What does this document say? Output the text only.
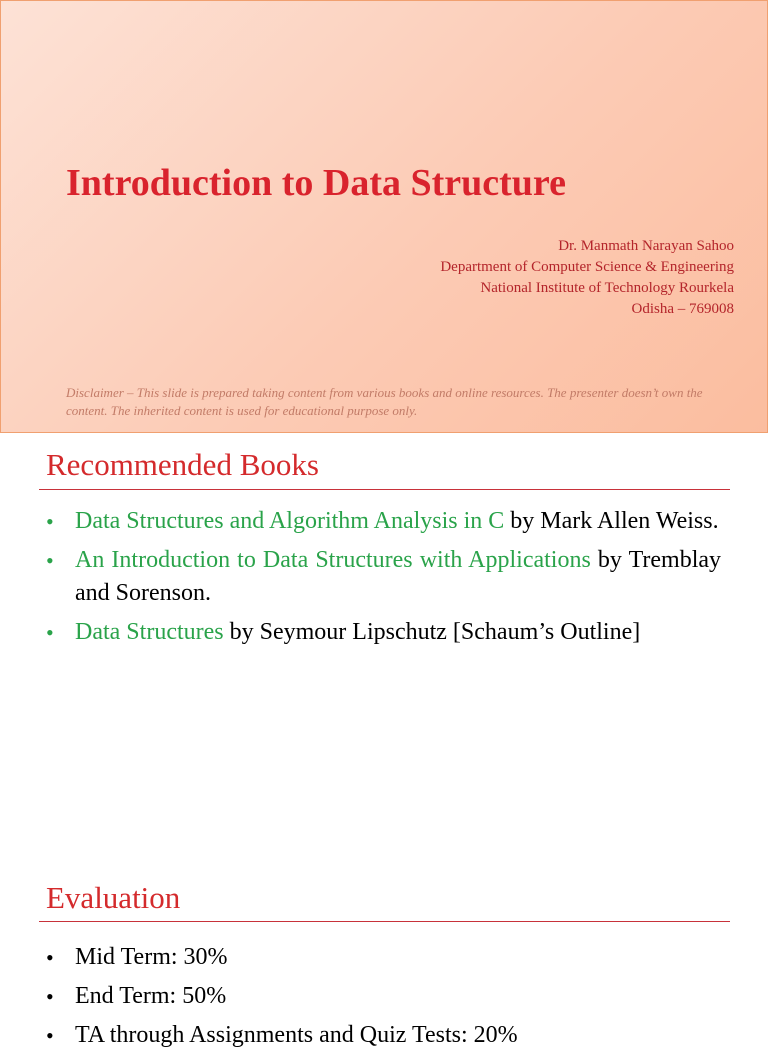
Introduction to Data Structure
Dr. Manmath Narayan Sahoo
Department of Computer Science & Engineering
National Institute of Technology Rourkela
Odisha – 769008
Disclaimer – This slide is prepared taking content from various books and online resources. The presenter doesn’t own the content. The inherited content is used for educational purpose only.
Recommended Books
• Data Structures and Algorithm Analysis in C by Mark Allen Weiss.
• An Introduction to Data Structures with Applications by Tremblay and Sorenson.
• Data Structures by Seymour Lipschutz [Schaum’s Outline]
Evaluation
• Mid Term: 30%
• End Term: 50%
• TA through Assignments and Quiz Tests: 20%
